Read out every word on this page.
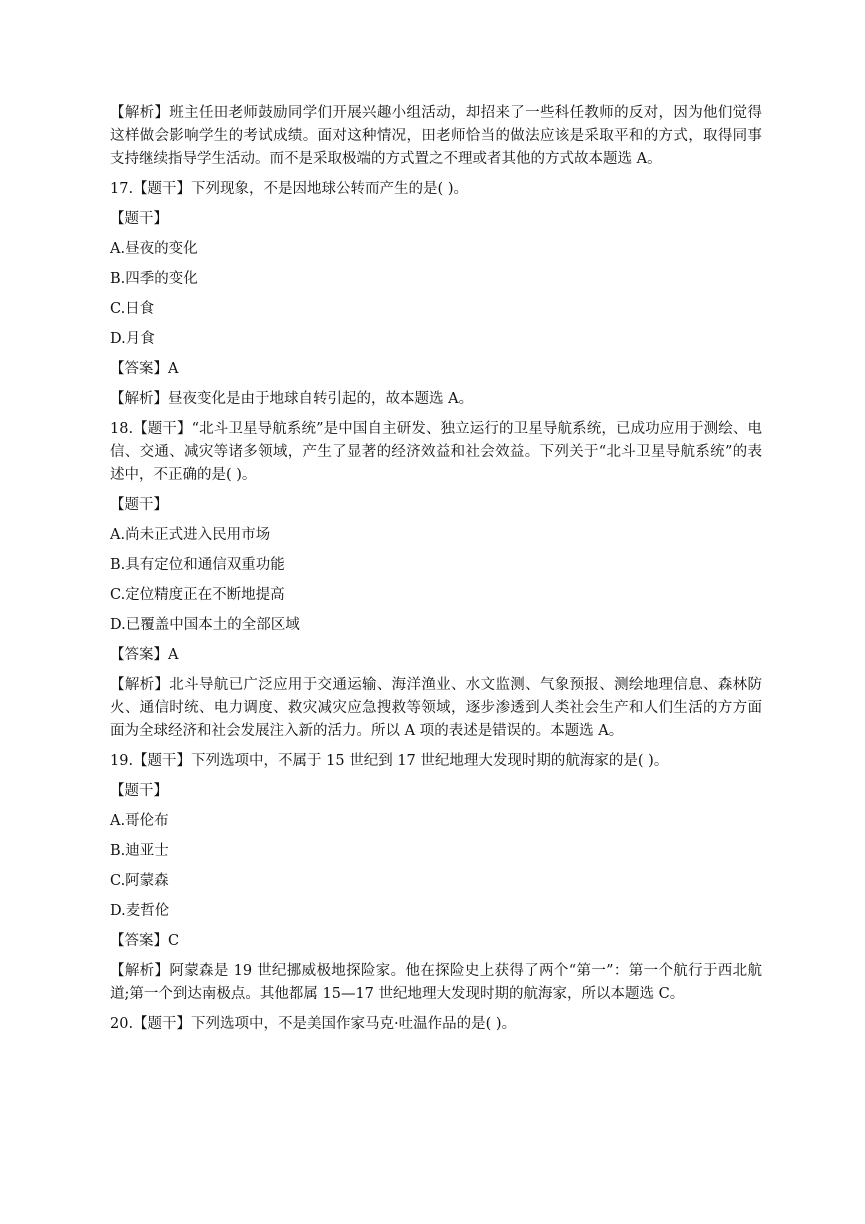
【解析】班主任田老师鼓励同学们开展兴趣小组活动，却招来了一些科任教师的反对，因为他们觉得这样做会影响学生的考试成绩。面对这种情况，田老师恰当的做法应该是采取平和的方式，取得同事支持继续指导学生活动。而不是采取极端的方式置之不理或者其他的方式故本题选 A。

17.【题干】下列现象，不是因地球公转而产生的是( )。
【题干】
A.昼夜的变化
B.四季的变化
C.日食
D.月食
【答案】A
【解析】昼夜变化是由于地球自转引起的，故本题选 A。

18.【题干】“北斗卫星导航系统”是中国自主研发、独立运行的卫星导航系统，已成功应用于测绘、电信、交通、减灾等诸多领域，产生了显著的经济效益和社会效益。下列关于“北斗卫星导航系统”的表述中，不正确的是( )。

【题干】
A.尚未正式进入民用市场
B.具有定位和通信双重功能
C.定位精度正在不断地提高
D.已覆盖中国本土的全部区域
【答案】A

【解析】北斗导航已广泛应用于交通运输、海洋渔业、水文监测、气象预报、测绘地理信息、森林防火、通信时统、电力调度、救灾减灾应急搜救等领域，逐步渗透到人类社会生产和人们生活的方方面面为全球经济和社会发展注入新的活力。所以 A 项的表述是错误的。本题选 A。

19.【题干】下列选项中，不属于 15 世纪到 17 世纪地理大发现时期的航海家的是( )。
【题干】
A.哥伦布
B.迪亚士
C.阿蒙森
D.麦哲伦
【答案】C

【解析】阿蒙森是 19 世纪挪威极地探险家。他在探险史上获得了两个“第一”：第一个航行于西北航道;第一个到达南极点。其他都属 15—17 世纪地理大发现时期的航海家，所以本题选 C。

20.【题干】下列选项中，不是美国作家马克·吐温作品的是( )。
